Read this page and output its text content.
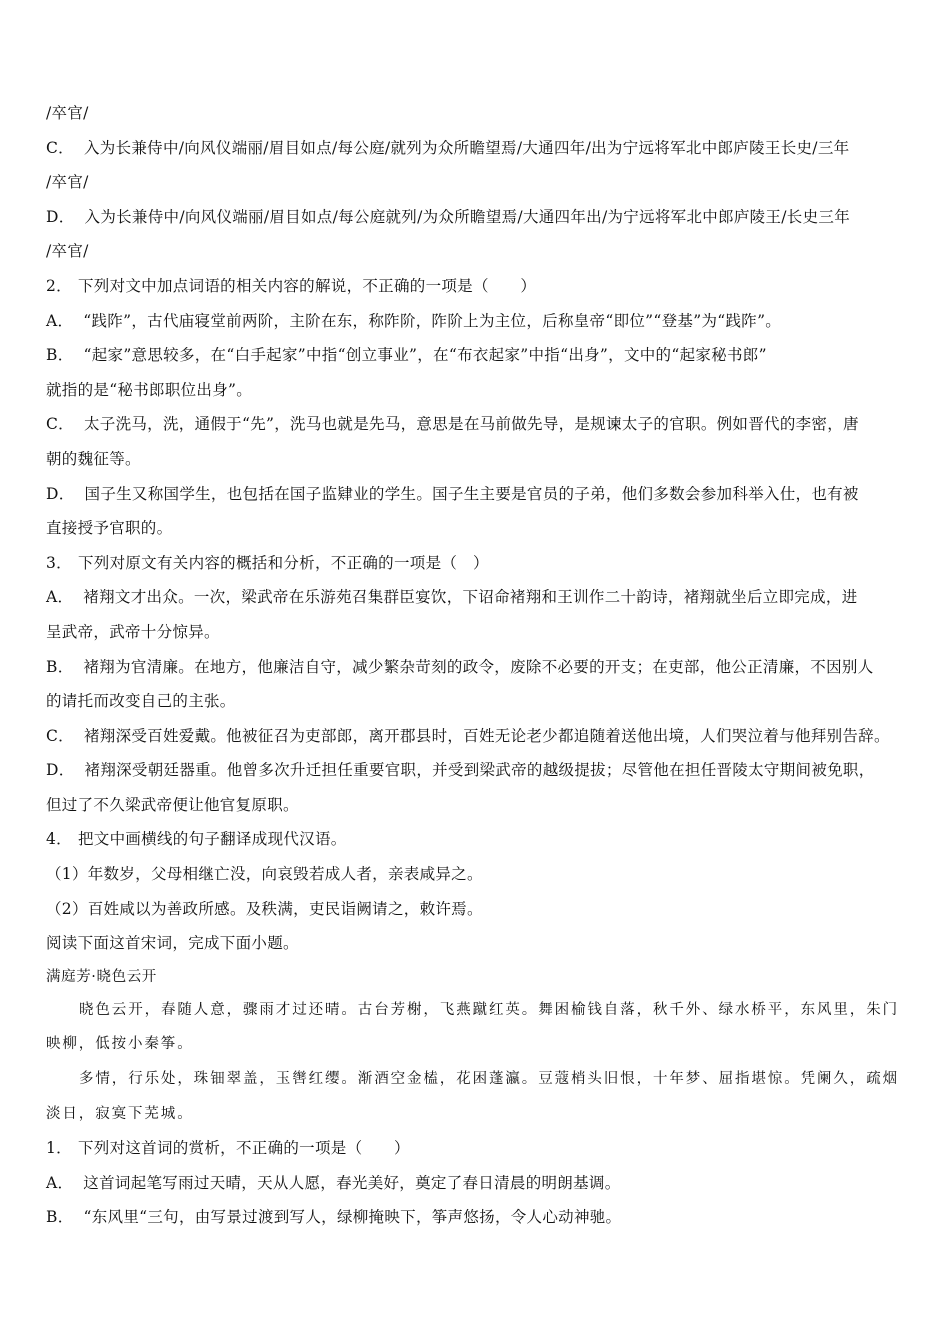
/卒官/
C． 入为长兼侍中/向风仪端丽/眉目如点/每公庭/就列为众所瞻望焉/大通四年/出为宁远将军北中郎庐陵王长史/三年
/卒官/
D． 入为长兼侍中/向风仪端丽/眉目如点/每公庭就列/为众所瞻望焉/大通四年出/为宁远将军北中郎庐陵王/长史三年
/卒官/
2． 下列对文中加点词语的相关内容的解说，不正确的一项是（　　）
A． “践阼”，古代庙寝堂前两阶，主阶在东，称阼阶，阼阶上为主位，后称皇帝“即位”“登基”为“践阼”。
B． “起家”意思较多，在“白手起家”中指“创立事业”，在“布衣起家”中指“出身”，文中的“起家秘书郎”
就指的是“秘书郎职位出身”。
C． 太子洗马，洗，通假于“先”，洗马也就是先马，意思是在马前做先导，是规谏太子的官职。例如晋代的李密，唐
朝的魏征等。
D． 国子生又称国学生，也包括在国子监肄业的学生。国子生主要是官员的子弟，他们多数会参加科举入仕，也有被
直接授予官职的。
3． 下列对原文有关内容的概括和分析，不正确的一项是（　）
A． 褚翔文才出众。一次，梁武帝在乐游苑召集群臣宴饮，下诏命褚翔和王训作二十韵诗，褚翔就坐后立即完成，进
呈武帝，武帝十分惊异。
B． 褚翔为官清廉。在地方，他廉洁自守，减少繁杂苛刻的政令，废除不必要的开支；在吏部，他公正清廉，不因别人
的请托而改变自己的主张。
C． 褚翔深受百姓爱戴。他被征召为吏部郎，离开郡县时，百姓无论老少都追随着送他出境，人们哭泣着与他拜别告辞。
D． 褚翔深受朝廷器重。他曾多次升迁担任重要官职，并受到梁武帝的越级提拔；尽管他在担任晋陵太守期间被免职，
但过了不久梁武帝便让他官复原职。
4． 把文中画横线的句子翻译成现代汉语。
（1）年数岁，父母相继亡没，向哀毁若成人者，亲表咸异之。
（2）百姓咸以为善政所感。及秩满，吏民诣阙请之，敕许焉。
阅读下面这首宋词，完成下面小题。
满庭芳·晓色云开
晓色云开，春随人意，骤雨才过还晴。古台芳榭，飞燕蹴红英。舞困榆钱自落，秋千外、绿水桥平，东风里，朱门
映柳，低按小秦筝。
多情，行乐处，珠钿翠盖，玉辔红缨。渐酒空金榼，花困蓬瀛。豆蔻梢头旧恨，十年梦、屈指堪惊。凭阑久，疏烟
淡日，寂寞下芜城。
1． 下列对这首词的赏析，不正确的一项是（　　）
A． 这首词起笔写雨过天晴，天从人愿，春光美好，奠定了春日清晨的明朗基调。
B． “东风里“三句，由写景过渡到写人，绿柳掩映下，筝声悠扬，令人心动神驰。
